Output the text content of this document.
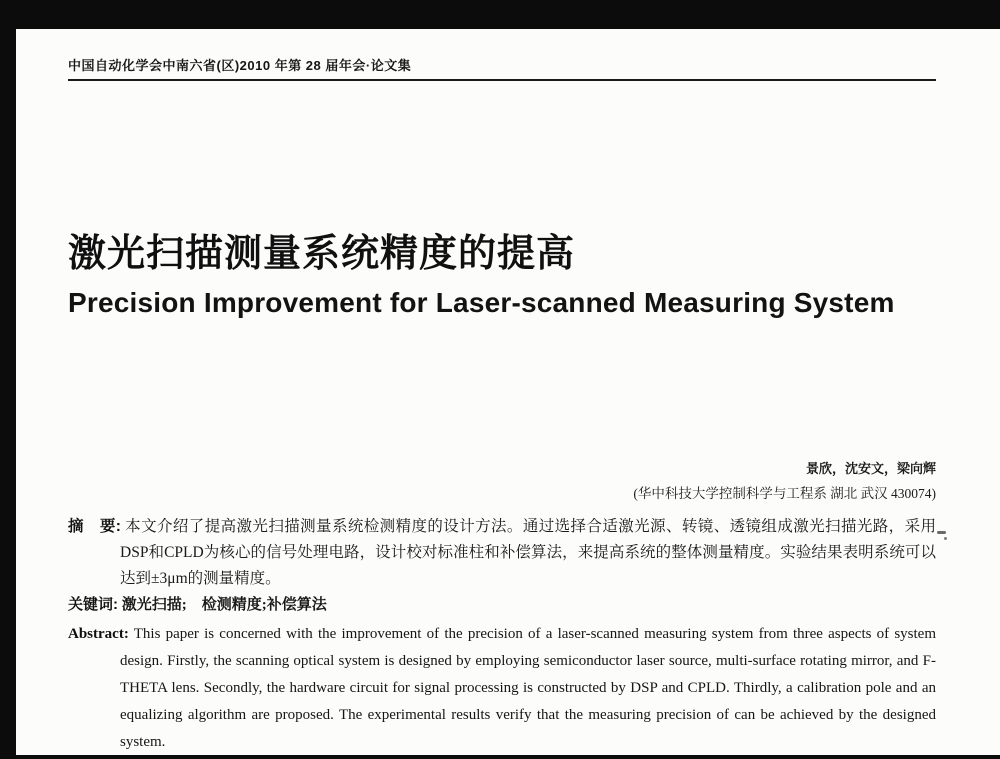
中国自动化学会中南六省(区)2010 年第 28 届年会·论文集
激光扫描测量系统精度的提高
Precision Improvement for Laser-scanned Measuring System
景欣，沈安文，梁向辉
(华中科技大学控制科学与工程系 湖北 武汉 430074)

摘　要: 本文介绍了提高激光扫描测量系统检测精度的设计方法。通过选择合适激光源、转镜、透镜组成激光扫描光路，采用DSP和CPLD为核心的信号处理电路，设计校对标准柱和补偿算法，来提高系统的整体测量精度。实验结果表明系统可以达到±3μm的测量精度。

关键词: 激光扫描;　检测精度;补偿算法

Abstract: This paper is concerned with the improvement of the precision of a laser-scanned measuring system from three aspects of system design. Firstly, the scanning optical system is designed by employing semiconductor laser source, multi-surface rotating mirror, and F-THETA lens. Secondly, the hardware circuit for signal processing is constructed by DSP and CPLD. Thirdly, a calibration pole and an equalizing algorithm are proposed. The experimental results verify that the measuring precision of can be achieved by the designed system.
